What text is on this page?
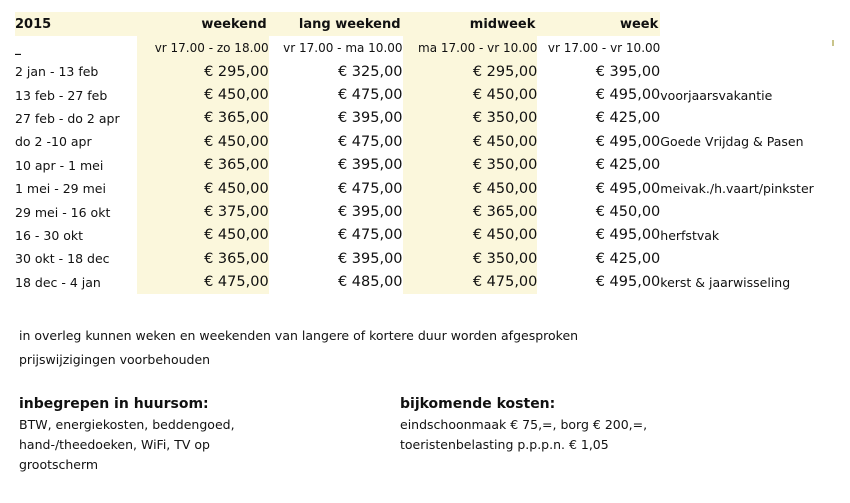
2015	weekend	lang weekend	midweek	week	
_	vr 17.00 - zo 18.00	vr 17.00 - ma 10.00	ma 17.00 - vr 10.00	vr 17.00 - vr 10.00	
2 jan - 13 feb	€ 295,00	€ 325,00	€ 295,00	€ 395,00	
13 feb - 27 feb	€ 450,00	€ 475,00	€ 450,00	€ 495,00	voorjaarsvakantie
27 feb - do 2 apr	€ 365,00	€ 395,00	€ 350,00	€ 425,00	
do 2 -10 apr	€ 450,00	€ 475,00	€ 450,00	€ 495,00	Goede Vrijdag & Pasen
10 apr - 1 mei	€ 365,00	€ 395,00	€ 350,00	€ 425,00	
1 mei - 29 mei	€ 450,00	€ 475,00	€ 450,00	€ 495,00	meivak./h.vaart/pinkster
29 mei - 16 okt	€ 375,00	€ 395,00	€ 365,00	€ 450,00	
16 - 30 okt	€ 450,00	€ 475,00	€ 450,00	€ 495,00	herfstvak
30 okt - 18 dec	€ 365,00	€ 395,00	€ 350,00	€ 425,00	
18 dec - 4 jan	€ 475,00	€ 485,00	€ 475,00	€ 495,00	kerst & jaarwisseling
in overleg kunnen weken en weekenden van langere of kortere duur worden afgesproken
prijswijzigingen voorbehouden
inbegrepen in huursom:
BTW, energiekosten, beddengoed,
hand-/theedoeken, WiFi, TV op
grootscherm
bijkomende kosten:
eindschoonmaak € 75,=, borg € 200,=,
toeristenbelasting p.p.p.n. € 1,05
